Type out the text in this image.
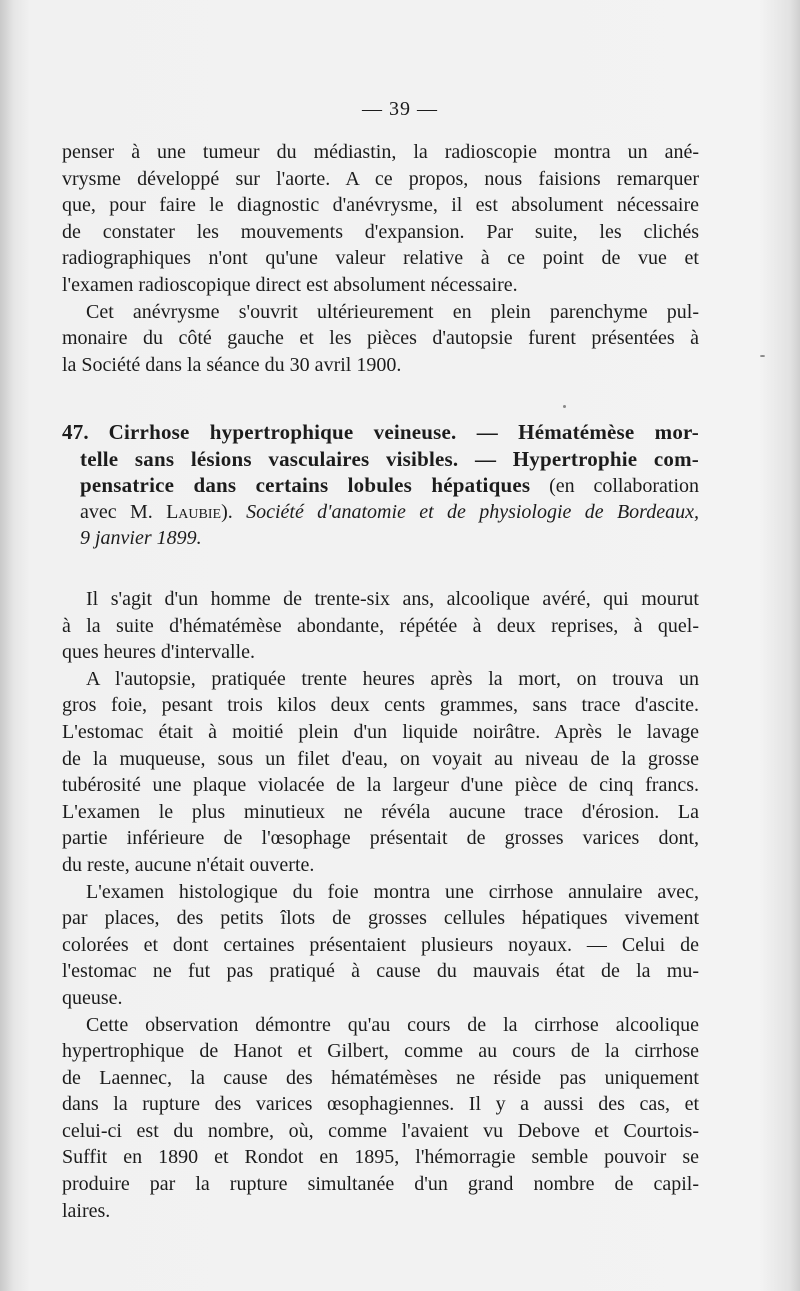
— 39 —
penser à une tumeur du médiastin, la radioscopie montra un ané-
vrysme développé sur l'aorte. A ce propos, nous faisions remarquer
que, pour faire le diagnostic d'anévrysme, il est absolument nécessaire
de constater les mouvements d'expansion. Par suite, les clichés
radiographiques n'ont qu'une valeur relative à ce point de vue et
l'examen radioscopique direct est absolument nécessaire.
Cet anévrysme s'ouvrit ultérieurement en plein parenchyme pul-
monaire du côté gauche et les pièces d'autopsie furent présentées à
la Société dans la séance du 30 avril 1900.
47. Cirrhose hypertrophique veineuse. — Hématémèse mor-
telle sans lésions vasculaires visibles. — Hypertrophie com-
pensatrice dans certains lobules hépatiques (en collaboration
avec M. Laubie). Société d'anatomie et de physiologie de Bordeaux,
9 janvier 1899.
Il s'agit d'un homme de trente-six ans, alcoolique avéré, qui mourut
à la suite d'hématémèse abondante, répétée à deux reprises, à quel-
ques heures d'intervalle.
A l'autopsie, pratiquée trente heures après la mort, on trouva un
gros foie, pesant trois kilos deux cents grammes, sans trace d'ascite.
L'estomac était à moitié plein d'un liquide noirâtre. Après le lavage
de la muqueuse, sous un filet d'eau, on voyait au niveau de la grosse
tubérosité une plaque violacée de la largeur d'une pièce de cinq francs.
L'examen le plus minutieux ne révéla aucune trace d'érosion. La
partie inférieure de l'œsophage présentait de grosses varices dont,
du reste, aucune n'était ouverte.
L'examen histologique du foie montra une cirrhose annulaire avec,
par places, des petits îlots de grosses cellules hépatiques vivement
colorées et dont certaines présentaient plusieurs noyaux. — Celui de
l'estomac ne fut pas pratiqué à cause du mauvais état de la mu-
queuse.
Cette observation démontre qu'au cours de la cirrhose alcoolique
hypertrophique de Hanot et Gilbert, comme au cours de la cirrhose
de Laennec, la cause des hématémèses ne réside pas uniquement
dans la rupture des varices œsophagiennes. Il y a aussi des cas, et
celui-ci est du nombre, où, comme l'avaient vu Debove et Courtois-
Suffit en 1890 et Rondot en 1895, l'hémorragie semble pouvoir se
produire par la rupture simultanée d'un grand nombre de capil-
laires.
